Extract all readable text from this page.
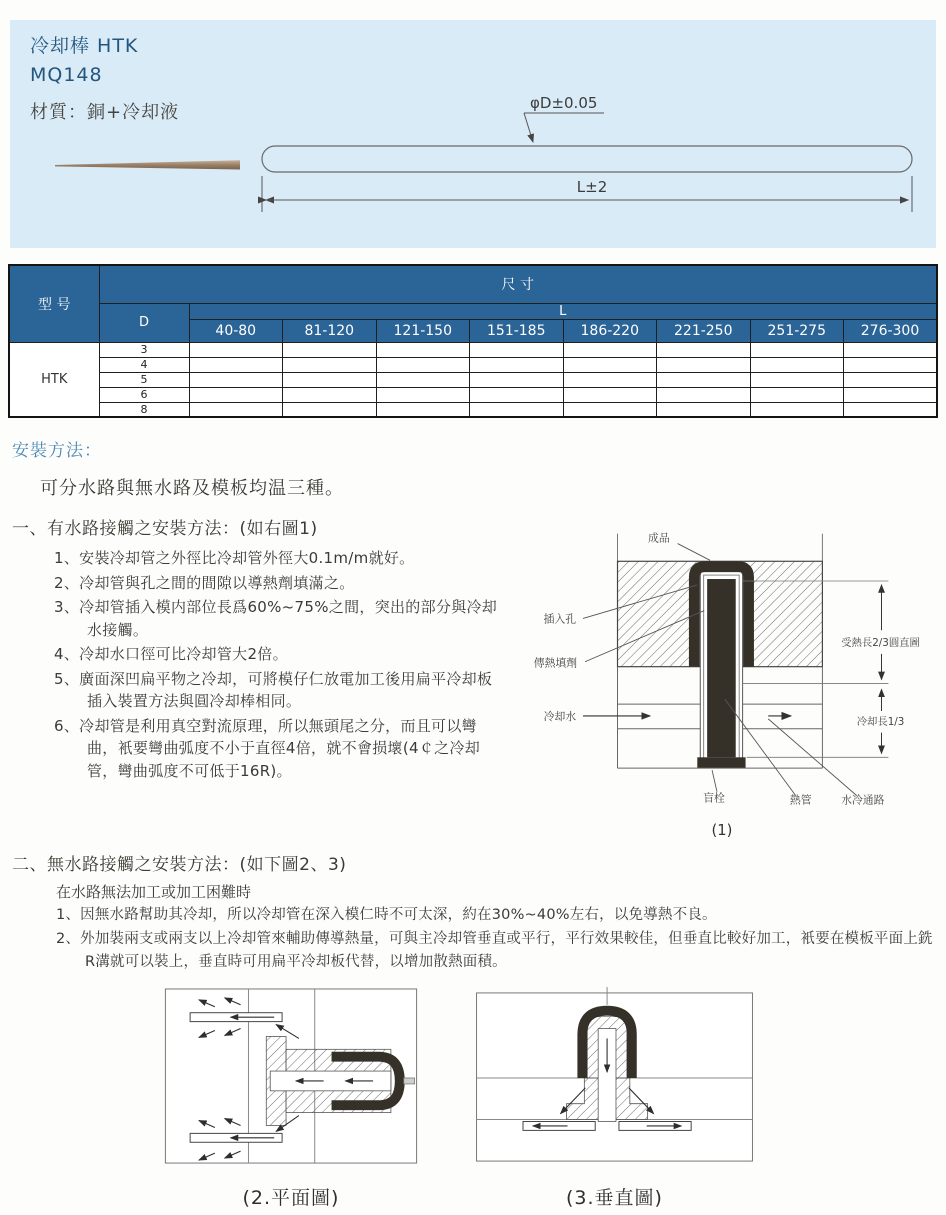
冷却棒 HTK
MQ148
材質：銅+冷却液	φD±0.05
L±2
型 号	尺 寸								
	D	L							
		40-80	81-120	121-150	151-185	186-220	221-250	251-275	276-300
HTK	3								
	4								
	5								
	6								
	8								
安裝方法：
可分水路與無水路及模板均温三種。
一、有水路接觸之安裝方法：(如右圖1)
1、安裝冷却管之外徑比冷却管外徑大0.1m/m就好。
2、冷却管與孔之間的間隙以導熱劑填滿之。
3、冷却管插入模内部位長爲60%~75%之間，突出的部分與冷却水接觸。
4、冷却水口徑可比冷却管大2倍。
5、廣面深凹扁平物之冷却，可將模仔仁放電加工後用扁平冷却板插入裝置方法與圓冷却棒相同。
6、冷却管是利用真空對流原理，所以無頭尾之分，而且可以彎曲，衹要彎曲弧度不小于直徑4倍，就不會损壞(4￠之冷却管，彎曲弧度不可低于16R)。
受熱長2/3圓直圖
冷却長1/3
成品
插入孔
傳熱填劑
冷却水
盲栓	熱管	水冷通路
(1)
二、無水路接觸之安裝方法：(如下圖2、3)
在水路無法加工或加工困難時
1、因無水路幫助其冷却，所以冷却管在深入模仁時不可太深，約在30%~40%左右，以免導熱不良。
2、外加裝兩支或兩支以上冷却管來輔助傳導熱量，可與主冷却管垂直或平行，平行效果較佳，但垂直比較好加工，衹要在模板平面上銑R溝就可以裝上，垂直時可用扁平冷却板代替，以增加散熱面積。
(2.平面圖)	(3.垂直圖)
